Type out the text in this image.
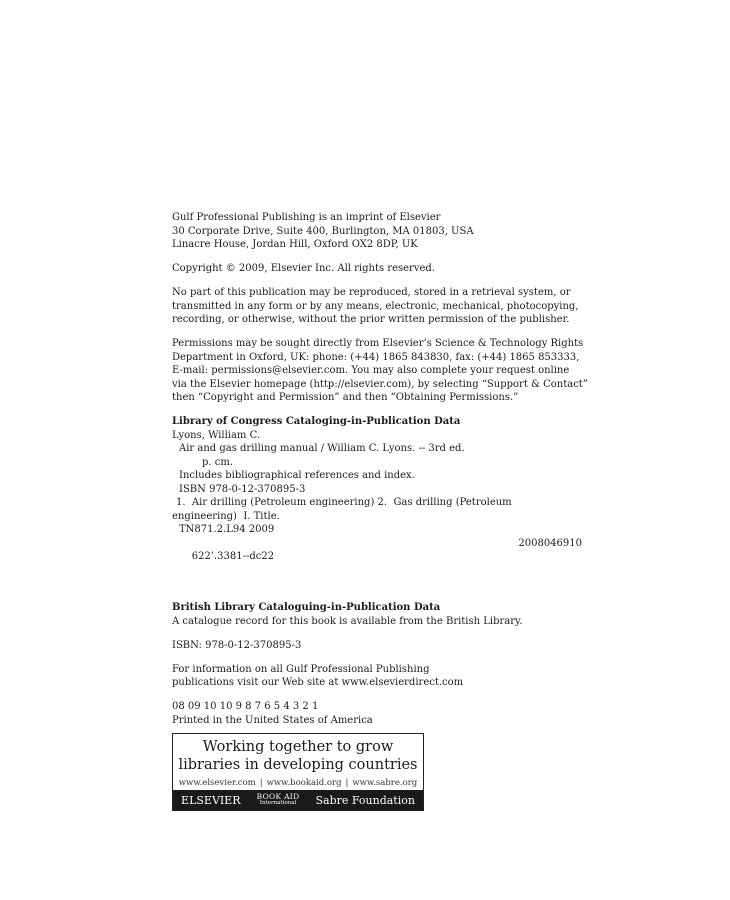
Gulf Professional Publishing is an imprint of Elsevier
30 Corporate Drive, Suite 400, Burlington, MA 01803, USA
Linacre House, Jordan Hill, Oxford OX2 8DP, UK
Copyright © 2009, Elsevier Inc. All rights reserved.
No part of this publication may be reproduced, stored in a retrieval system, or
transmitted in any form or by any means, electronic, mechanical, photocopying,
recording, or otherwise, without the prior written permission of the publisher.
Permissions may be sought directly from Elsevier’s Science & Technology Rights
Department in Oxford, UK: phone: (+44) 1865 843830, fax: (+44) 1865 853333,
E-mail: permissions@elsevier.com. You may also complete your request online
via the Elsevier homepage (http://elsevier.com), by selecting “Support & Contact”
then “Copyright and Permission” and then “Obtaining Permissions.”
Library of Congress Cataloging-in-Publication Data
Lyons, William C.
Air and gas drilling manual / William C. Lyons. -- 3rd ed.
p. cm.
Includes bibliographical references and index.
ISBN 978-0-12-370895-3
1.  Air drilling (Petroleum engineering) 2.  Gas drilling (Petroleum
engineering)  I. Title.
TN871.2.L94 2009

622’.3381--dc22

2008046910

British Library Cataloguing-in-Publication Data
A catalogue record for this book is available from the British Library.
ISBN: 978-0-12-370895-3
For information on all Gulf Professional Publishing
publications visit our Web site at www.elsevierdirect.com
08 09 10 10 9 8 7 6 5 4 3 2 1
Printed in the United States of America
Working together to grow
libraries in developing countries
www.elsevier.com | www.bookaid.org | www.sabre.org
ELSEVIER BOOK AID
International Sabre Foundation
